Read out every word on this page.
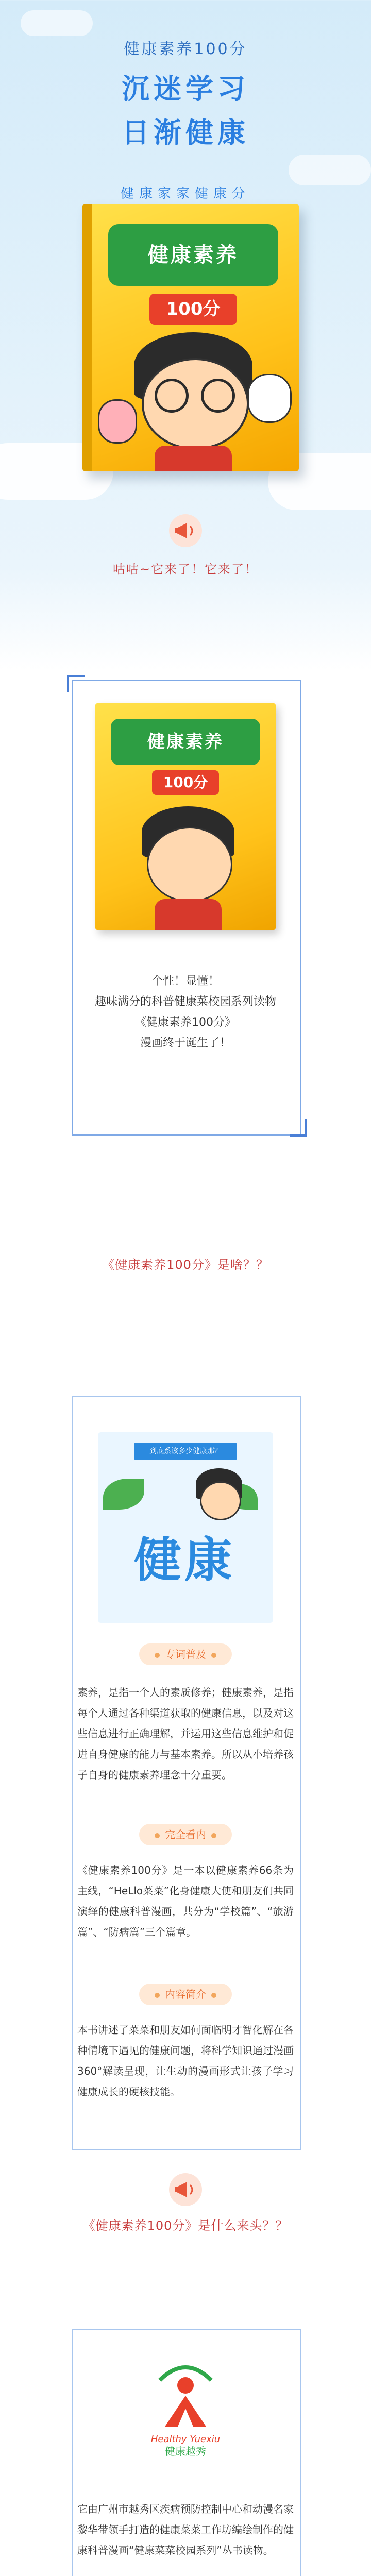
健康素养100分
沉迷学习
日渐健康
健康家家健康分
健康素养
100分
咕咕~它来了！它来了！
健康素养
100分
个性！显懂！
趣味满分的科普健康菜校园系列读物
《健康素养100分》
漫画终于诞生了！
《健康素养100分》是啥？？
到底系该多少健康那？
健康
专词普及
素养，是指一个人的素质修养；健康素养，是指每个人通过各种渠道获取的健康信息，以及对这些信息进行正确理解，并运用这些信息维护和促进自身健康的能力与基本素养。所以从小培养孩子自身的健康素养理念十分重要。
完全看内
《健康素养100分》是一本以健康素养66条为主线，“HeLlo菜菜”化身健康大使和朋友们共同演绎的健康科普漫画，共分为“学校篇”、“旅游篇”、“防病篇”三个篇章。
内容简介
本书讲述了菜菜和朋友如何面临明才智化解在各种情境下遇见的健康问题，将科学知识通过漫画360°解读呈现，让生动的漫画形式让孩子学习健康成长的硬核技能。
《健康素养100分》是什么来头？？
Healthy Yuexiu
健康越秀
它由广州市越秀区疾病预防控制中心和动漫名家黎华带领手打造的健康菜菜工作坊编绘制作的健康科普漫画“健康菜菜校园系列”丛书读物。
